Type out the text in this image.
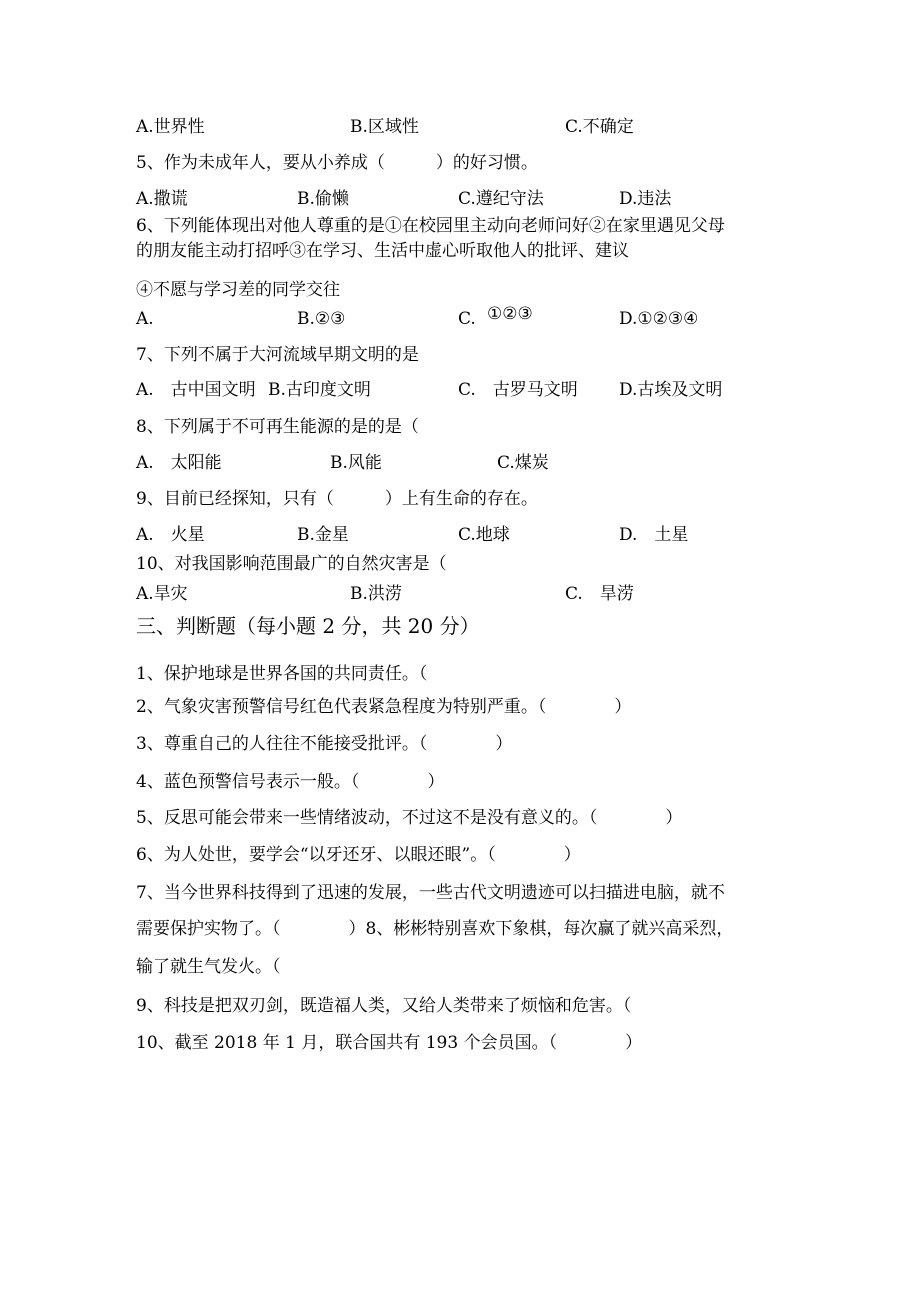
A.世界性	B.区域性	C.不确定
5、作为未成年人，要从小养成（　　　）的好习惯。
A.撒谎	B.偷懒	C.遵纪守法	D.违法
6、下列能体现出对他人尊重的是①在校园里主动向老师问好②在家里遇见父母
的朋友能主动打招呼③在学习、生活中虚心听取他人的批评、建议
④不愿与学习差的同学交往
A.	B.②③	C. ①②③	D.①②③④
7、下列不属于大河流域早期文明的是
A.　古中国文明 B.古印度文明	C.　古罗马文明 D.古埃及文明
8、下列属于不可再生能源的是的是（
A.　太阳能	B.风能	C.煤炭
9、目前已经探知，只有（　　　）上有生命的存在。
A.　火星	B.金星	C.地球	D.　土星
10、对我国影响范围最广的自然灾害是（
A.旱灾	B.洪涝	C.　旱涝
三、判断题（每小题 2 分，共 20 分）
1、保护地球是世界各国的共同责任。（
2、气象灾害预警信号红色代表紧急程度为特别严重。（　　　　）
3、尊重自己的人往往不能接受批评。（　　　　）
4、蓝色预警信号表示一般。（　　　　）
5、反思可能会带来一些情绪波动，不过这不是没有意义的。（　　　　）
6、为人处世，要学会“以牙还牙、以眼还眼”。（　　　　）
7、当今世界科技得到了迅速的发展，一些古代文明遗迹可以扫描进电脑，就不
需要保护实物了。（　　　　）8、彬彬特别喜欢下象棋，每次赢了就兴高采烈，
输了就生气发火。（
9、科技是把双刃剑，既造福人类，又给人类带来了烦恼和危害。（
10、截至 2018 年 1 月，联合国共有 193 个会员国。（　　　　）
